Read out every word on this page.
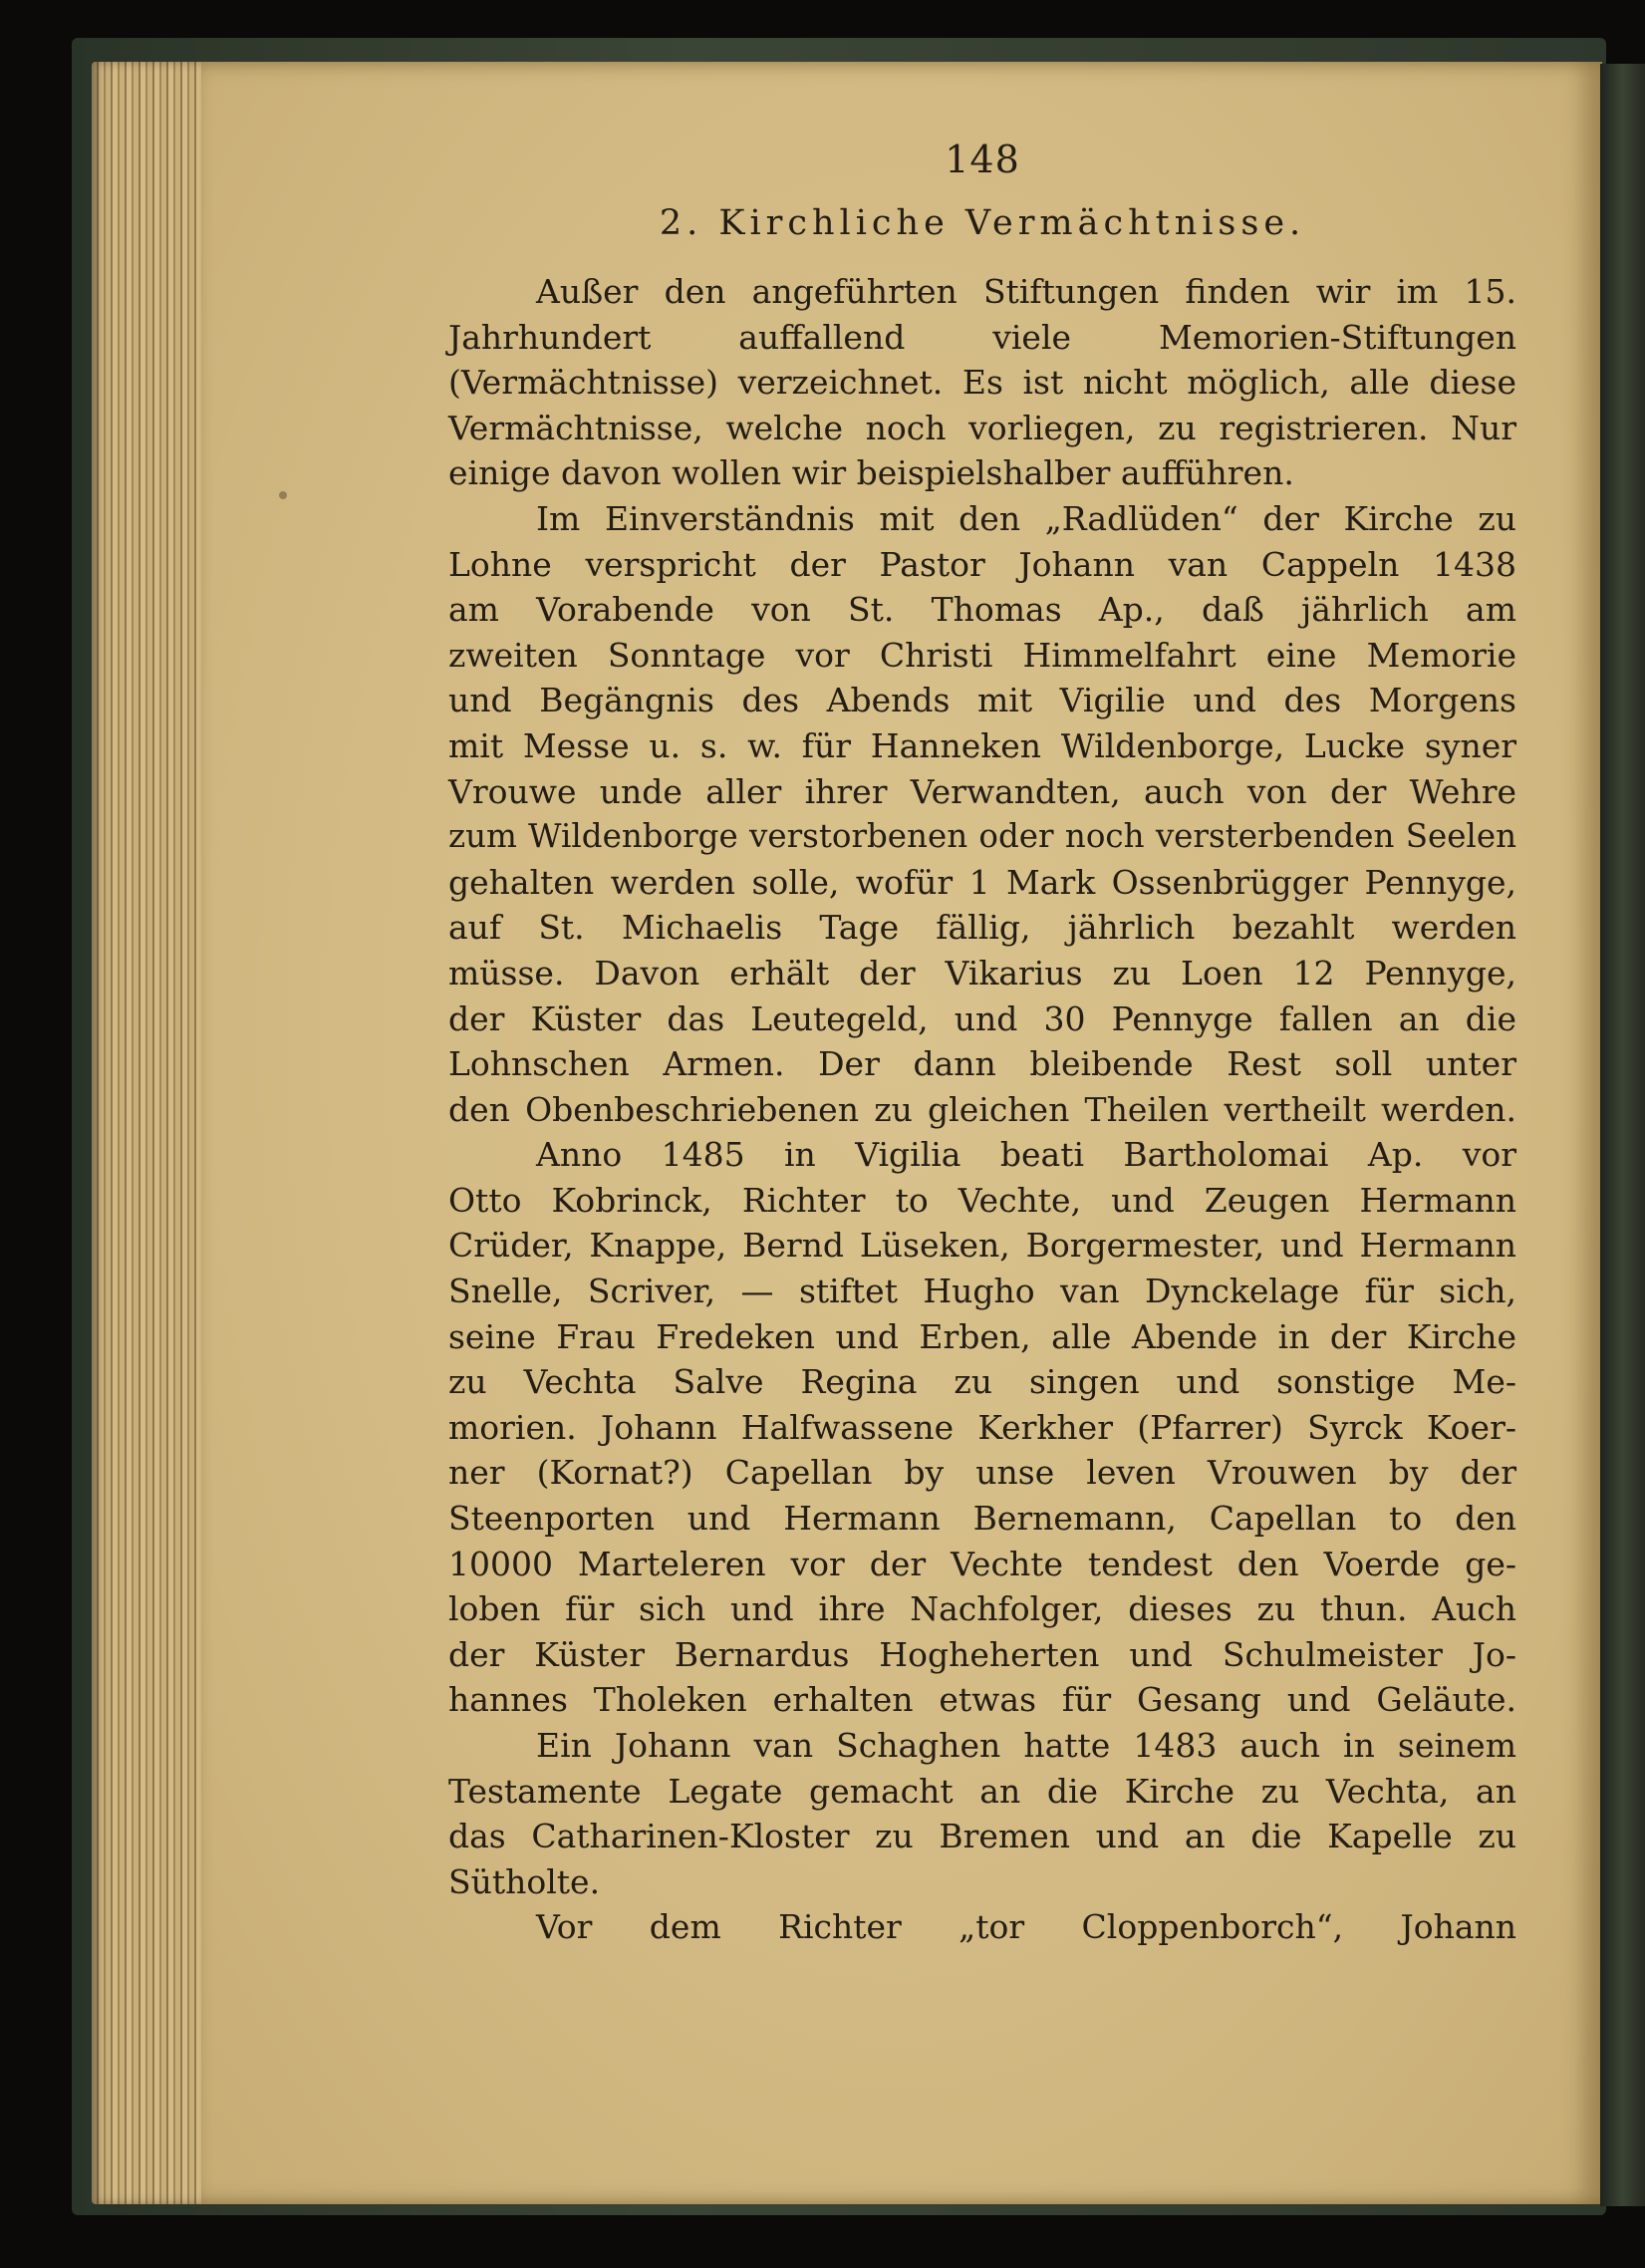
148
2. Kirchliche Vermächtnisse.
Außer den angeführten Stiftungen finden wir im 15.
Jahrhundert auffallend viele Memorien-Stiftungen
(Vermächtnisse) verzeichnet. Es ist nicht möglich, alle diese
Vermächtnisse, welche noch vorliegen, zu registrieren. Nur
einige davon wollen wir beispielshalber aufführen.
Im Einverständnis mit den „Radlüden“ der Kirche zu
Lohne verspricht der Pastor Johann van Cappeln 1438
am Vorabende von St. Thomas Ap., daß jährlich am
zweiten Sonntage vor Christi Himmelfahrt eine Memorie
und Begängnis des Abends mit Vigilie und des Morgens
mit Messe u. s. w. für Hanneken Wildenborge, Lucke syner
Vrouwe unde aller ihrer Verwandten, auch von der Wehre
zum Wildenborge verstorbenen oder noch versterbenden Seelen
gehalten werden solle, wofür 1 Mark Ossenbrügger Pennyge,
auf St. Michaelis Tage fällig, jährlich bezahlt werden
müsse. Davon erhält der Vikarius zu Loen 12 Pennyge,
der Küster das Leutegeld, und 30 Pennyge fallen an die
Lohnschen Armen. Der dann bleibende Rest soll unter
den Obenbeschriebenen zu gleichen Theilen vertheilt werden.
Anno 1485 in Vigilia beati Bartholomai Ap. vor
Otto Kobrinck, Richter to Vechte, und Zeugen Hermann
Crüder, Knappe, Bernd Lüseken, Borgermester, und Hermann
Snelle, Scriver, — stiftet Hugho van Dynckelage für sich,
seine Frau Fredeken und Erben, alle Abende in der Kirche
zu Vechta Salve Regina zu singen und sonstige Me-
morien. Johann Halfwassene Kerkher (Pfarrer) Syrck Koer-
ner (Kornat?) Capellan by unse leven Vrouwen by der
Steenporten und Hermann Bernemann, Capellan to den
10000 Marteleren vor der Vechte tendest den Voerde ge-
loben für sich und ihre Nachfolger, dieses zu thun. Auch
der Küster Bernardus Hogheherten und Schulmeister Jo-
hannes Tholeken erhalten etwas für Gesang und Geläute.
Ein Johann van Schaghen hatte 1483 auch in seinem
Testamente Legate gemacht an die Kirche zu Vechta, an
das Catharinen-Kloster zu Bremen und an die Kapelle zu
Sütholte.
Vor dem Richter „tor Cloppenborch“, Johann
